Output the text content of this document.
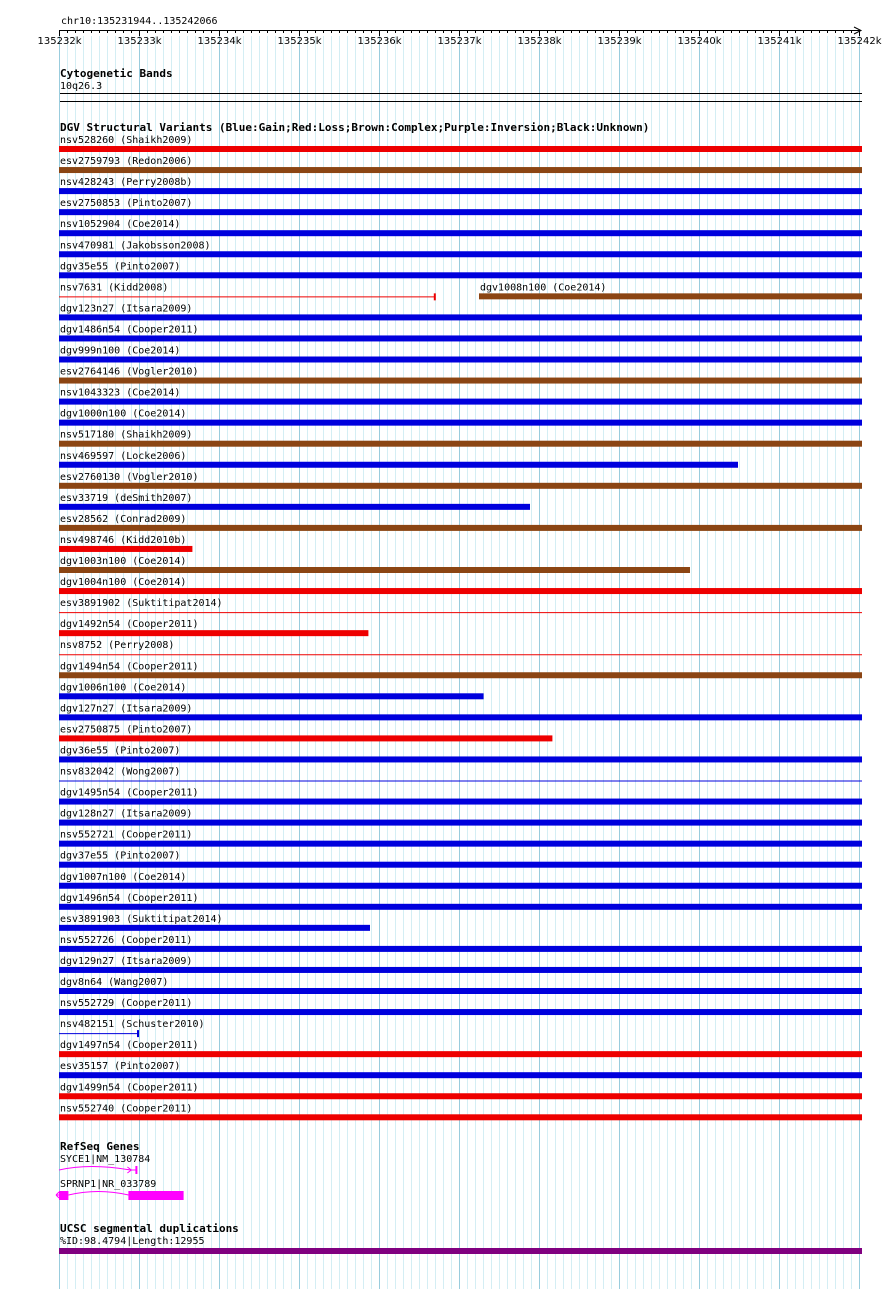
chr10:135231944..135242066
135232k	135233k	135234k	135235k	135236k	135237k	135238k	135239k	135240k	135241k	135242k
Cytogenetic Bands
10q26.3
DGV Structural Variants (Blue:Gain;Red:Loss;Brown:Complex;Purple:Inversion;Black:Unknown)
nsv528260 (Shaikh2009)
esv2759793 (Redon2006)
nsv428243 (Perry2008b)
esv2750853 (Pinto2007)
nsv1052904 (Coe2014)
nsv470981 (Jakobsson2008)
dgv35e55 (Pinto2007)
nsv7631 (Kidd2008)	dgv1008n100 (Coe2014)
dgv123n27 (Itsara2009)
dgv1486n54 (Cooper2011)
dgv999n100 (Coe2014)
esv2764146 (Vogler2010)
nsv1043323 (Coe2014)
dgv1000n100 (Coe2014)
nsv517180 (Shaikh2009)
nsv469597 (Locke2006)
esv2760130 (Vogler2010)
esv33719 (deSmith2007)
esv28562 (Conrad2009)
nsv498746 (Kidd2010b)
dgv1003n100 (Coe2014)
dgv1004n100 (Coe2014)
esv3891902 (Suktitipat2014)
dgv1492n54 (Cooper2011)
nsv8752 (Perry2008)
dgv1494n54 (Cooper2011)
dgv1006n100 (Coe2014)
dgv127n27 (Itsara2009)
esv2750875 (Pinto2007)
dgv36e55 (Pinto2007)
nsv832042 (Wong2007)
dgv1495n54 (Cooper2011)
dgv128n27 (Itsara2009)
nsv552721 (Cooper2011)
dgv37e55 (Pinto2007)
dgv1007n100 (Coe2014)
dgv1496n54 (Cooper2011)
esv3891903 (Suktitipat2014)
nsv552726 (Cooper2011)
dgv129n27 (Itsara2009)
dgv8n64 (Wang2007)
nsv552729 (Cooper2011)
nsv482151 (Schuster2010)
dgv1497n54 (Cooper2011)
esv35157 (Pinto2007)
dgv1499n54 (Cooper2011)
nsv552740 (Cooper2011)
RefSeq Genes
SYCE1|NM_130784
SPRNP1|NR_033789
UCSC segmental duplications
%ID:98.4794|Length:12955
